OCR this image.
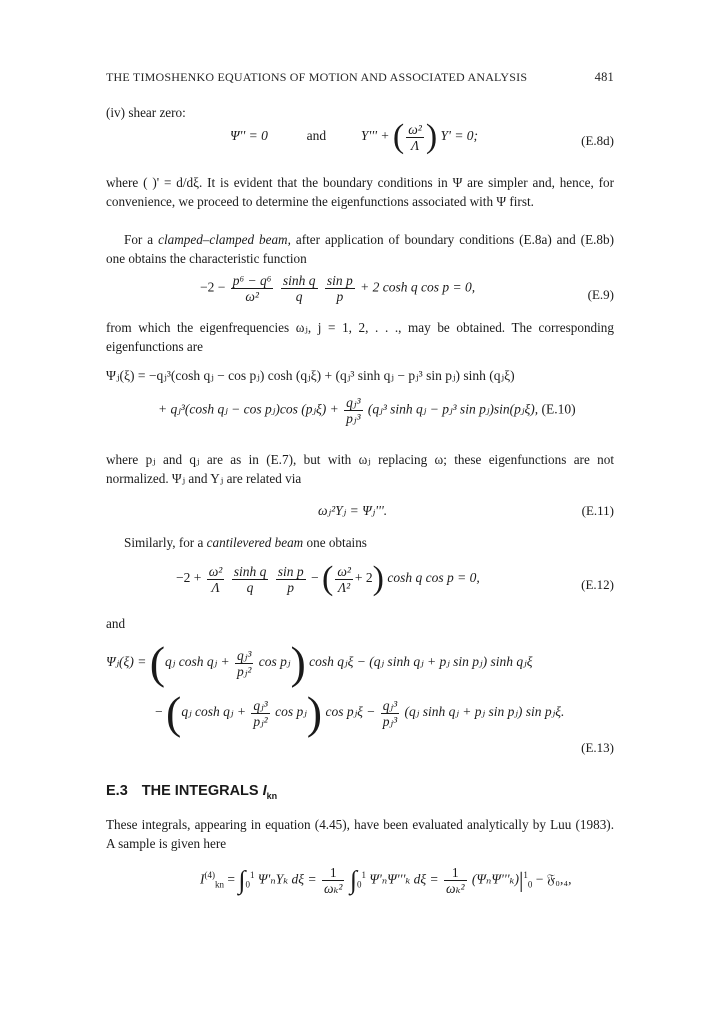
THE TIMOSHENKO EQUATIONS OF MOTION AND ASSOCIATED ANALYSIS	481

(iv) shear zero:

Ψ'' = 0	and	Y''' + ( $\frac{\text{ω²}}{\Lambda}$ ) Y' = 0;	(E.8d)

where ( )' = d/dξ. It is evident that the boundary conditions in Ψ are simpler and, hence, for convenience, we proceed to determine the eigenfunctions associated with Ψ first.

For a clamped–clamped beam, after application of boundary conditions (E.8a) and (E.8b) one obtains the characteristic function

$-2 - \frac{\text{p⁶ − q⁶}}{\text{ω²}}$
$\frac{\text{sinh q}}{q}$
$\frac{\text{sin p}}{p} + 2$ cosh q cos p = 0,	(E.9)

from which the eigenfrequencies ωⱼ, j = 1, 2, . . ., may be obtained. The corresponding eigenfunctions are

Ψⱼ(ξ) = −qⱼ³(cosh qⱼ − cos pⱼ) cosh (qⱼξ) + (qⱼ³ sinh qⱼ − pⱼ³ sin pⱼ) sinh (qⱼξ)
+ qⱼ³(cosh qⱼ − cos pⱼ)cos (pⱼξ) + $\frac{\text{qⱼ³}}{\text{pⱼ³}}$ (qⱼ³ sinh qⱼ − pⱼ³ sin pⱼ)sin(pⱼξ), (E.10)

where pⱼ and qⱼ are as in (E.7), but with ωⱼ replacing ω; these eigenfunctions are not normalized. Ψⱼ and Yⱼ are related via

ωⱼ²Yⱼ = Ψⱼ'''.	(E.11)

Similarly, for a cantilevered beam one obtains

$-2 + \frac{\text{ω²}}{\Lambda}$
$\frac{\text{sinh q}}{q}$
$\frac{\text{sin p}}{p}$ − ( $\frac{\text{ω²}}{\text{Λ²}} + 2$) cosh q cos p = 0,	(E.12)

and

Ψⱼ(ξ) = (qⱼ cosh qⱼ + $\frac{\text{qⱼ³}}{\text{pⱼ²}}$ cos pⱼ) cosh qⱼξ − (qⱼ sinh qⱼ + pⱼ sin pⱼ) sinh qⱼξ
− (qⱼ cosh qⱼ + $\frac{\text{qⱼ³}}{\text{pⱼ²}}$ cos pⱼ) cos pⱼξ − $\frac{\text{qⱼ³}}{\text{pⱼ³}}$ (qⱼ sinh qⱼ + pⱼ sin pⱼ) sin pⱼξ.
(E.13)
E.3 THE INTEGRALS $I_{kn}$

These integrals, appearing in equation (4.45), have been evaluated analytically by Luu (1983). A sample is given here

$I^{(4)}_{kn} = \int_0^1$ Ψ'ₙYₖ $d\xi = \frac{1}{\text{ωₖ²}} \int_0^1$ Ψ'ₙΨ'''ₖ $d\xi = \frac{1}{\text{ωₖ²}} (\Psi_n\Psi'''_k)|^1_0$ − 𝔉₀,₄,
